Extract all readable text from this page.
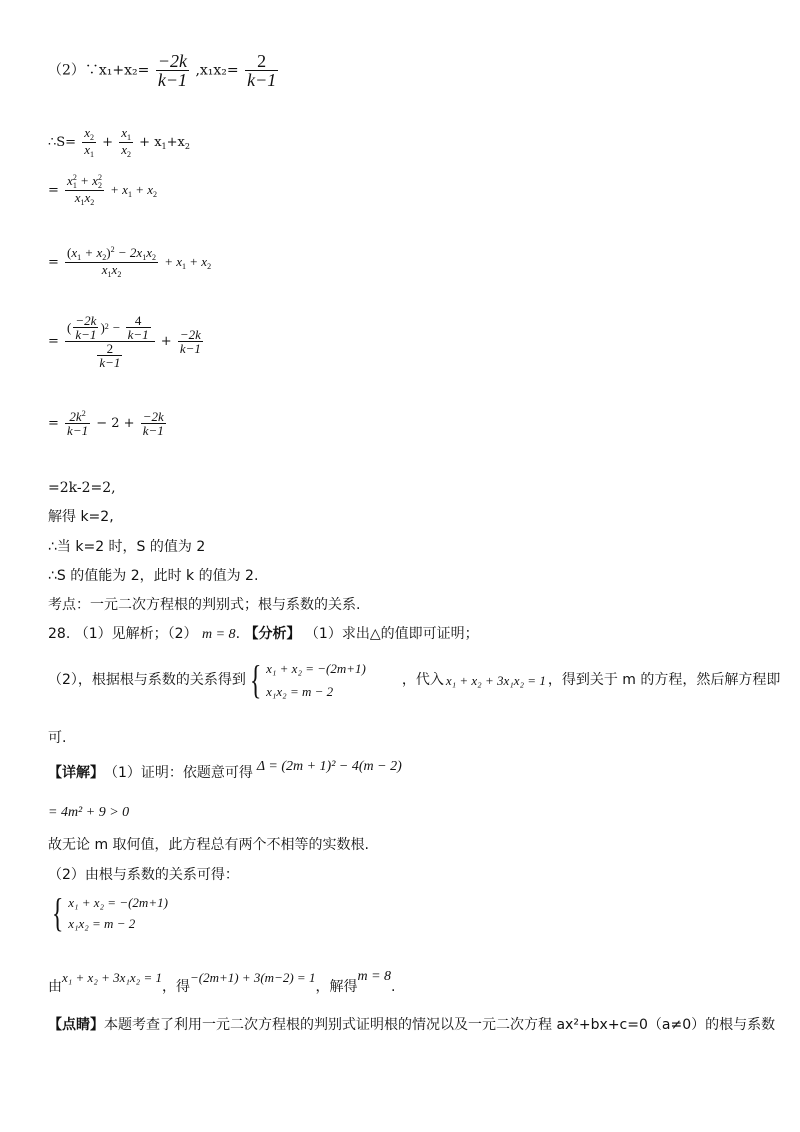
（2）∵x₁+x₂= $\frac{-2k}{k-1} ,x_1x_2= \frac{2}{k-1}$
∴S= $\frac{x_2}{x_1} + \frac{x_1}{x_2} + x_1+x_2$
= $\frac{x_1^2 + x_2^2}{x_1x_2} + x_1 + x_2$
= $\frac{(x_1 + x_2)^2 - 2x_1x_2}{x_1x_2} + x_1 + x_2$
= $\frac{( \frac{-2k}{k-1} ) 2 - \frac{4}{k-1}}{\frac{2}{k-1}} + \frac{-2k}{k-1}$
= $\frac{2k^2}{k-1} - 2 + \frac{-2k}{k-1}$
=2k-2=2,
解得 k=2,
∴当 k=2 时，S 的值为 2
∴S 的值能为 2，此时 k 的值为 2.
考点：一元二次方程根的判别式；根与系数的关系.
28. （1）见解析；（2） m = 8. 【分析】 （1）求出△的值即可证明；
（2），根据根与系数的关系得到 { x₁ + x₂ = −(2m+1)
x₁x₂ = m − 2
，代入 x₁ + x₂ + 3x₁x₂ = 1 ，得到关于 m 的方程，然后解方程即
可.
【详解】 （1）证明：依题意可得 Δ = (2m + 1)² − 4(m − 2)
= 4m² + 9 > 0
故无论 m 取何值，此方程总有两个不相等的实数根.
（2）由根与系数的关系可得：
{ x₁ + x₂ = −(2m+1)
x₁x₂ = m − 2
由
x₁ + x₂ + 3x₁x₂ = 1
，得
−(2m+1) + 3(m−2) = 1
，解得
m = 8
.
【点睛】本题考查了利用一元二次方程根的判别式证明根的情况以及一元二次方程 ax²+bx+c=0（a≠0）的根与系数
